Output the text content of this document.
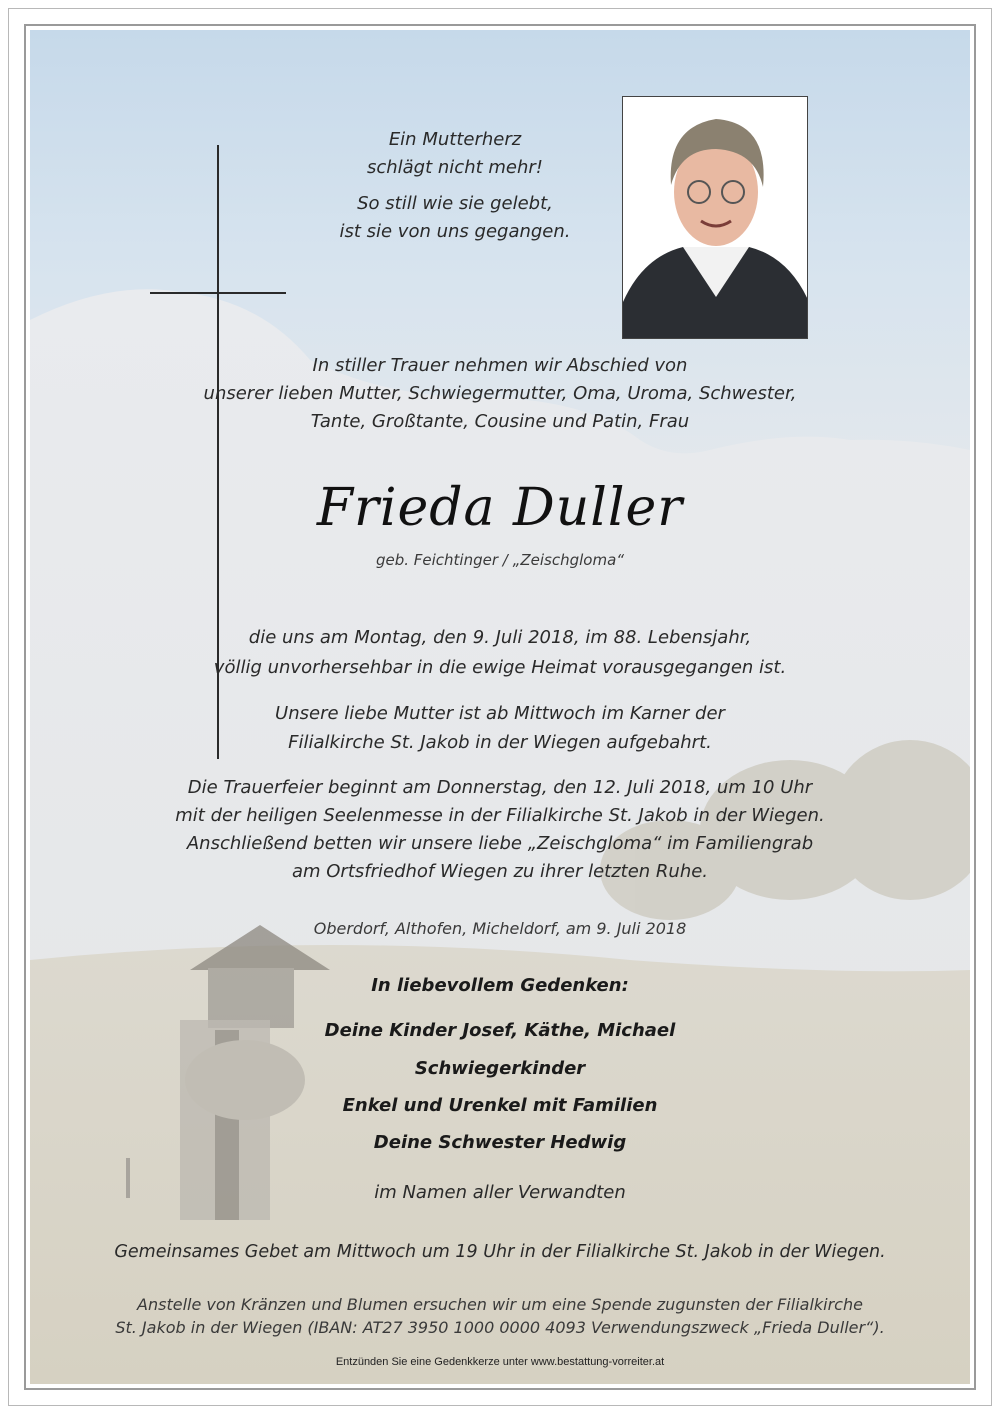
Ein Mutterherz
schlägt nicht mehr!
So still wie sie gelebt,
ist sie von uns gegangen.
In stiller Trauer nehmen wir Abschied von
unserer lieben Mutter, Schwiegermutter, Oma, Uroma, Schwester,
Tante, Großtante, Cousine und Patin, Frau
Frieda Duller
geb. Feichtinger / „Zeischgloma“
die uns am Montag, den 9. Juli 2018, im 88. Lebensjahr,
völlig unvorhersehbar in die ewige Heimat vorausgegangen ist.
Unsere liebe Mutter ist ab Mittwoch im Karner der
Filialkirche St. Jakob in der Wiegen aufgebahrt.
Die Trauerfeier beginnt am Donnerstag, den 12. Juli 2018, um 10 Uhr
mit der heiligen Seelenmesse in der Filialkirche St. Jakob in der Wiegen.
Anschließend betten wir unsere liebe „Zeischgloma“ im Familiengrab
am Ortsfriedhof Wiegen zu ihrer letzten Ruhe.
Oberdorf, Althofen, Micheldorf, am 9. Juli 2018
In liebevollem Gedenken:
Deine Kinder Josef, Käthe, Michael
Schwiegerkinder
Enkel und Urenkel mit Familien
Deine Schwester Hedwig
im Namen aller Verwandten
Gemeinsames Gebet am Mittwoch um 19 Uhr in der Filialkirche St. Jakob in der Wiegen.
Anstelle von Kränzen und Blumen ersuchen wir um eine Spende zugunsten der Filialkirche
St. Jakob in der Wiegen (IBAN: AT27 3950 1000 0000 4093 Verwendungszweck „Frieda Duller“).
Entzünden Sie eine Gedenkkerze unter www.bestattung-vorreiter.at
